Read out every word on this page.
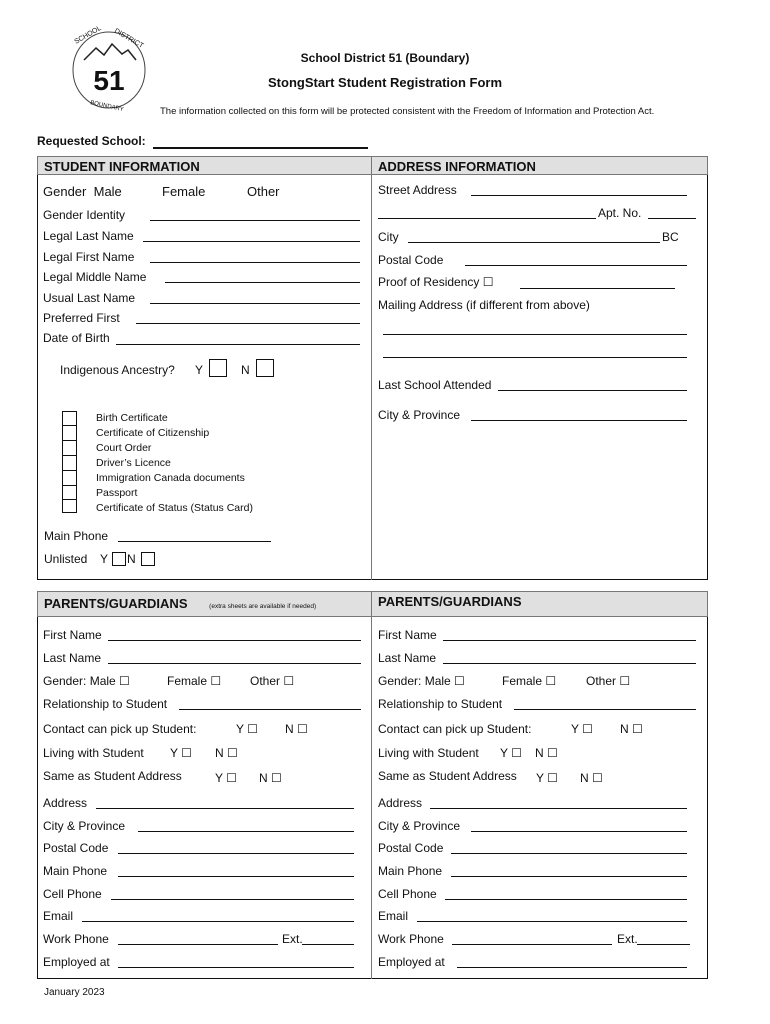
51
SCHOOL DISTRICT
BOUNDARY
School District 51 (Boundary)
StongStart Student Registration Form
The information collected on this form will be protected consistent with the Freedom of Information and Protection Act.
Requested School:
STUDENT INFORMATION	ADDRESS INFORMATION
Gender Male	Female	Other
Gender Identity
Legal Last Name
Legal First Name
Legal Middle Name
Usual Last Name
Preferred First
Date of Birth
Indigenous Ancestry? Y	N
Birth Certificate
Certificate of Citizenship
Court Order
Driver’s Licence
Immigration Canada documents
Passport
Certificate of Status (Status Card)
Main Phone
Unlisted Y N
Street Address
Apt. No.
City	BC
Postal Code
Proof of Residency ☐
Mailing Address (if different from above)
Last School Attended
City & Province
PARENTS/GUARDIANS	(extra sheets are available if needed)	PARENTS/GUARDIANS
First Name
Last Name
Gender: Male ☐	Female ☐ Other ☐
Relationship to Student
Contact can pick up Student:	Y ☐ N ☐
Living with Student Y ☐ N ☐
Same as Student Address	Y ☐ N ☐
Address
City & Province
Postal Code
Main Phone
Cell Phone
Email
Work Phone	Ext.
Employed at
First Name
Last Name
Gender: Male ☐	Female ☐ Other ☐
Relationship to Student
Contact can pick up Student:	Y ☐ N ☐
Living with Student Y ☐ N ☐
Same as Student Address Y ☐ N ☐
Address
City & Province
Postal Code
Main Phone
Cell Phone
Email
Work Phone	Ext.
Employed at
January 2023
